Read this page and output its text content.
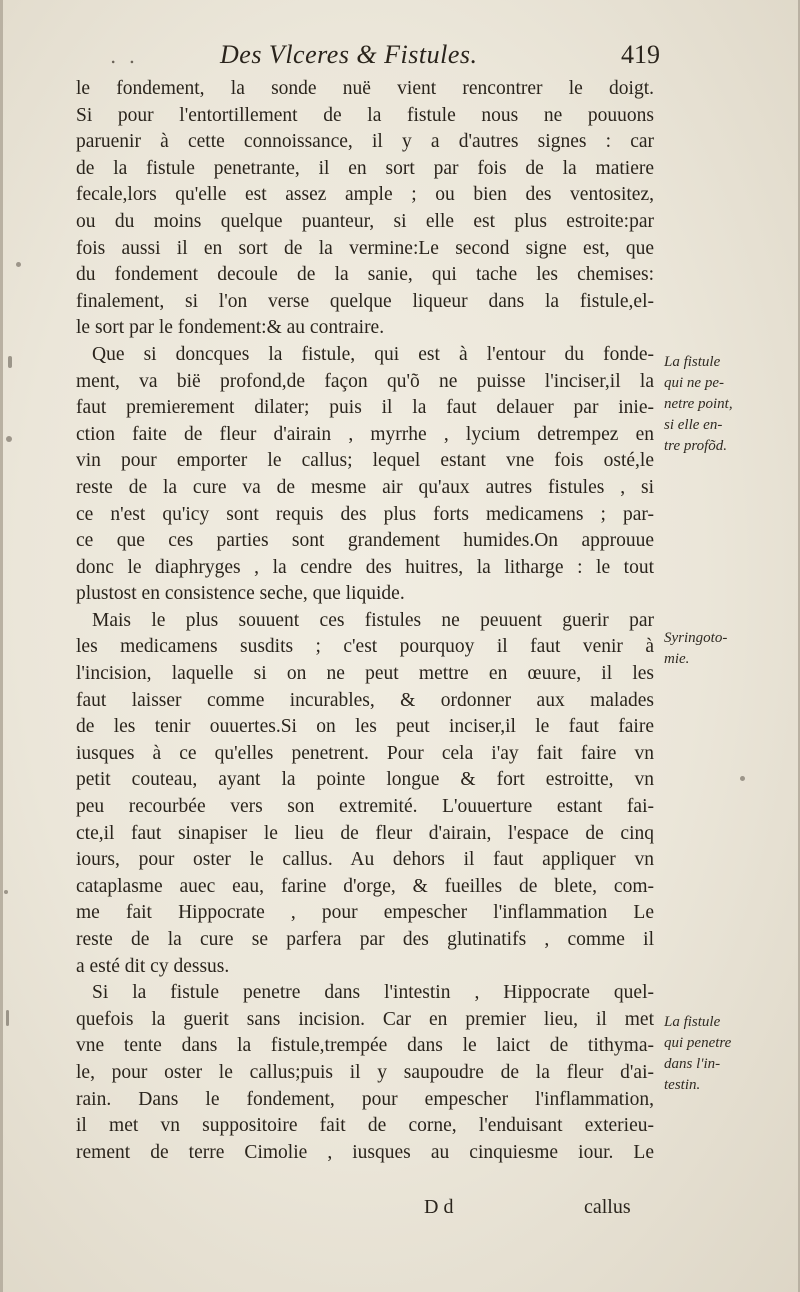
. .	Des Vlceres & Fistules.	419
le fondement, la sonde nuë vient rencontrer le doigt.
Si pour l'entortillement de la fistule nous ne pouuons
paruenir à cette connoissance, il y a d'autres signes : car
de la fistule penetrante, il en sort par fois de la matiere
fecale,lors qu'elle est assez ample ; ou bien des ventositez,
ou du moins quelque puanteur, si elle est plus estroite:par
fois aussi il en sort de la vermine:Le second signe est, que
du fondement decoule de la sanie, qui tache les chemises:
finalement, si l'on verse quelque liqueur dans la fistule,el-
le sort par le fondement:& au contraire.
Que si doncques la fistule, qui est à l'entour du fonde-
ment, va bië profond,de façon qu'õ ne puisse l'inciser,il la
faut premierement dilater; puis il la faut delauer par inie-
ction faite de fleur d'airain , myrrhe , lycium detrempez en
vin pour emporter le callus; lequel estant vne fois osté,le
reste de la cure va de mesme air qu'aux autres fistules , si
ce n'est qu'icy sont requis des plus forts medicamens ; par-
ce que ces parties sont grandement humides.On approuue
donc le diaphryges , la cendre des huitres, la litharge : le tout
plustost en consistence seche, que liquide.
Mais le plus souuent ces fistules ne peuuent guerir par
les medicamens susdits ; c'est pourquoy il faut venir à
l'incision, laquelle si on ne peut mettre en œuure, il les
faut laisser comme incurables, & ordonner aux malades
de les tenir ouuertes.Si on les peut inciser,il le faut faire
iusques à ce qu'elles penetrent. Pour cela i'ay fait faire vn
petit couteau, ayant la pointe longue & fort estroitte, vn
peu recourbée vers son extremité. L'ouuerture estant fai-
cte,il faut sinapiser le lieu de fleur d'airain, l'espace de cinq
iours, pour oster le callus. Au dehors il faut appliquer vn
cataplasme auec eau, farine d'orge, & fueilles de blete, com-
me fait Hippocrate , pour empescher l'inflammation Le
reste de la cure se parfera par des glutinatifs , comme il
a esté dit cy dessus.
Si la fistule penetre dans l'intestin , Hippocrate quel-
quefois la guerit sans incision. Car en premier lieu, il met
vne tente dans la fistule,trempée dans le laict de tithyma-
le, pour oster le callus;puis il y saupoudre de la fleur d'ai-
rain. Dans le fondement, pour empescher l'inflammation,
il met vn suppositoire fait de corne, l'enduisant exterieu-
rement de terre Cimolie , iusques au cinquiesme iour. Le
La fistule
qui ne pe-
netre point,
si elle en-
tre profõd.
Syringoto-
mie.
La fistule
qui penetre
dans l'in-
testin.
D d	callus
